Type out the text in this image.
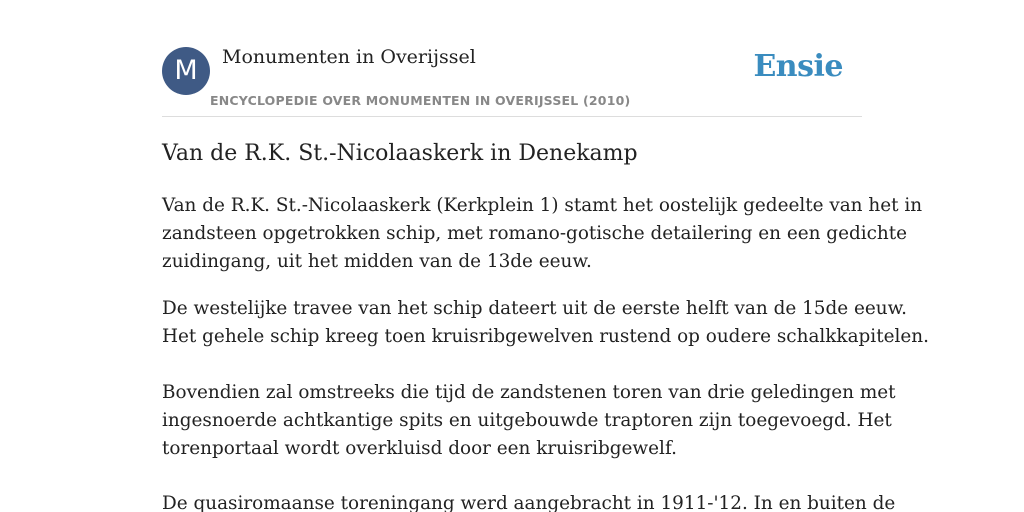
M	Monumenten in Overijssel
ENCYCLOPEDIE OVER MONUMENTEN IN OVERIJSSEL (2010)
Ensie
Van de R.K. St.-Nicolaaskerk in Denekamp

Van de R.K. St.-Nicolaaskerk (Kerkplein 1) stamt het oostelijk gedeelte van het in
zandsteen opgetrokken schip, met romano-gotische detailering en een gedichte
zuidingang, uit het midden van de 13de eeuw.

De westelijke travee van het schip dateert uit de eerste helft van de 15de eeuw.
Het gehele schip kreeg toen kruisribgewelven rustend op oudere schalkkapitelen.

Bovendien zal omstreeks die tijd de zandstenen toren van drie geledingen met
ingesnoerde achtkantige spits en uitgebouwde traptoren zijn toegevoegd. Het
torenportaal wordt overkluisd door een kruisribgewelf.

De quasiromaanse toreningang werd aangebracht in 1911-'12. In en buiten de
